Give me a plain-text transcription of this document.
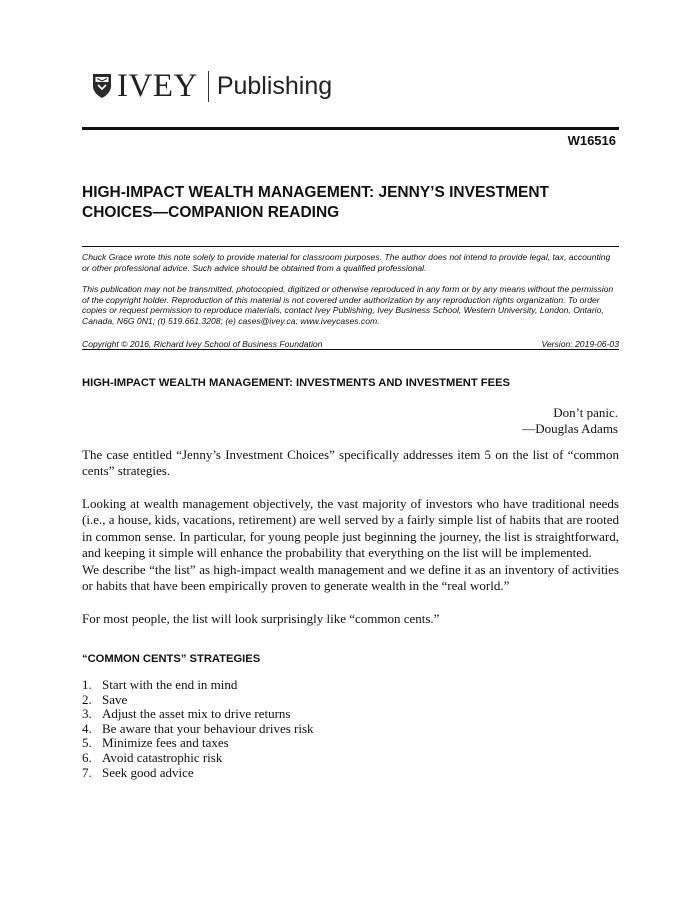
IVEY Publishing
W16516
HIGH-IMPACT WEALTH MANAGEMENT: JENNY’S INVESTMENT CHOICES—COMPANION READING

Chuck Grace wrote this note solely to provide material for classroom purposes. The author does not intend to provide legal, tax, accounting or other professional advice. Such advice should be obtained from a qualified professional.

This publication may not be transmitted, photocopied, digitized or otherwise reproduced in any form or by any means without the permission of the copyright holder. Reproduction of this material is not covered under authorization by any reproduction rights organization. To order copies or request permission to reproduce materials, contact Ivey Publishing, Ivey Business School, Western University, London, Ontario, Canada, N6G 0N1; (t) 519.661.3208; (e) cases@ivey.ca; www.iveycases.com.

Copyright © 2016, Richard Ivey School of Business Foundation	Version: 2019-06-03
HIGH-IMPACT WEALTH MANAGEMENT: INVESTMENTS AND INVESTMENT FEES
Don’t panic.
—Douglas Adams

The case entitled “Jenny’s Investment Choices” specifically addresses item 5 on the list of “common cents” strategies.

Looking at wealth management objectively, the vast majority of investors who have traditional needs (i.e., a house, kids, vacations, retirement) are well served by a fairly simple list of habits that are rooted in common sense. In particular, for young people just beginning the journey, the list is straightforward, and keeping it simple will enhance the probability that everything on the list will be implemented.

We describe “the list” as high-impact wealth management and we define it as an inventory of activities or habits that have been empirically proven to generate wealth in the “real world.”

For most people, the list will look surprisingly like “common cents.”

“COMMON CENTS” STRATEGIES
1. Start with the end in mind
2. Save
3. Adjust the asset mix to drive returns
4. Be aware that your behaviour drives risk
5. Minimize fees and taxes
6. Avoid catastrophic risk
7. Seek good advice
